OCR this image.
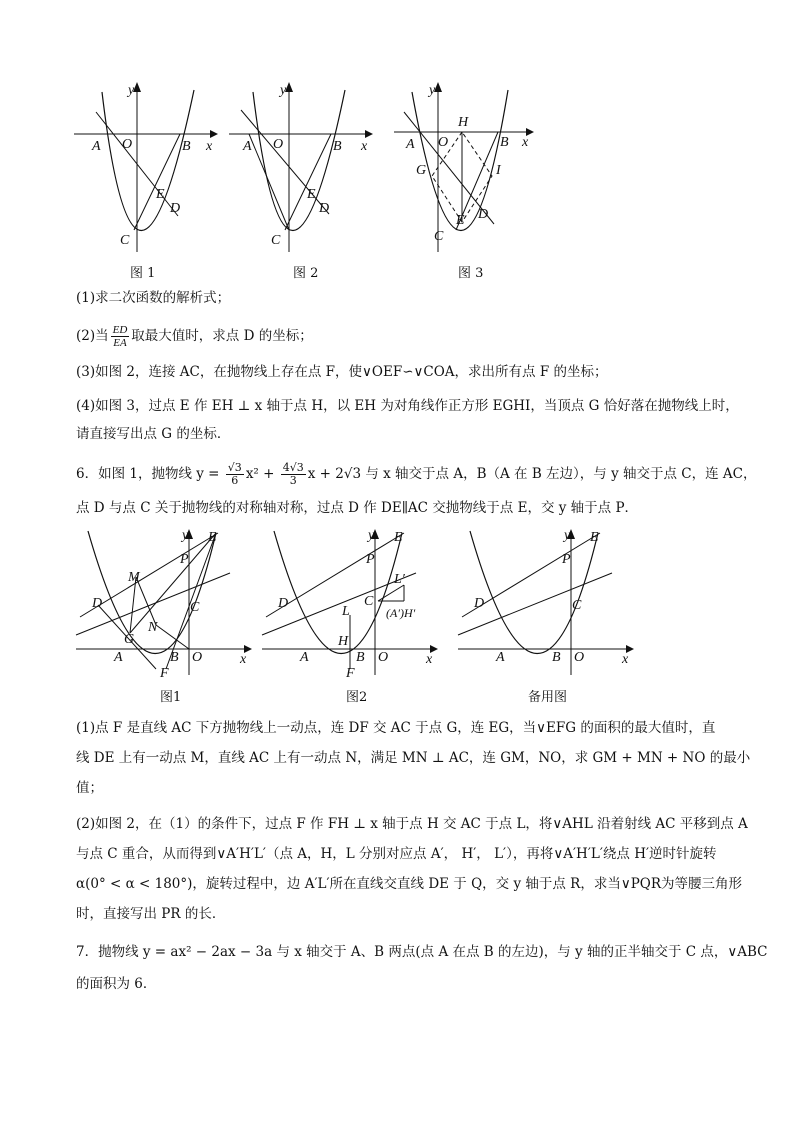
y
x
A O	B
E
D
C
图 1
y
x
A O	B
E
D
C
图 2
y
x
H
A O	B
G	I
E D
C
图 3
(1)求二次函数的解析式；
(2)当 $\frac{ED}{EA}$ 取最大值时，求点 D 的坐标；
(3)如图 2，连接 AC，在抛物线上存在点 F，使∨OEF∽∨COA，求出所有点 F 的坐标；
(4)如图 3，过点 E 作 EH ⊥ x 轴于点 H，以 EH 为对角线作正方形 EGHI，当顶点 G 恰好落在抛物线上时，
请直接写出点 G 的坐标．
6．如图 1，抛物线 $y = \frac{√3}{6} x^2 + \frac{4√3}{3}$ x + 2√3 与 x 轴交于点 A，B（A 在 B 左边），与 y 轴交于点 C，连 AC，
点 D 与点 C 关于抛物线的对称轴对称，过点 D 作 DE∥AC 交抛物线于点 E，交 y 轴于点 P．
y
x
E
P
M
D	C
N
G
A	B O
F
图1
y
x
E
P
L′
D	C
(A′)H′
L
H
A	B O
F
图2
y
x
E
P
D	C
A	B O
备用图
(1)点 F 是直线 AC 下方抛物线上一动点，连 DF 交 AC 于点 G，连 EG，当∨EFG 的面积的最大值时，直
线 DE 上有一动点 M，直线 AC 上有一动点 N，满足 MN ⊥ AC，连 GM，NO，求 GM + MN + NO 的最小
值；
(2)如图 2，在（1）的条件下，过点 F 作 FH ⊥ x 轴于点 H 交 AC 于点 L，将∨AHL 沿着射线 AC 平移到点 A
与点 C 重合，从而得到∨A′H′L′（点 A，H，L 分别对应点 A′， H′， L′），再将∨A′H′L′绕点 H′逆时针旋转
α(0° < α < 180°)，旋转过程中，边 A′L′所在直线交直线 DE 于 Q，交 y 轴于点 R，求当∨PQR为等腰三角形
时，直接写出 PR 的长．
7．抛物线 y = ax² − 2ax − 3a 与 x 轴交于 A、B 两点(点 A 在点 B 的左边)，与 y 轴的正半轴交于 C 点，∨ABC
的面积为 6．
